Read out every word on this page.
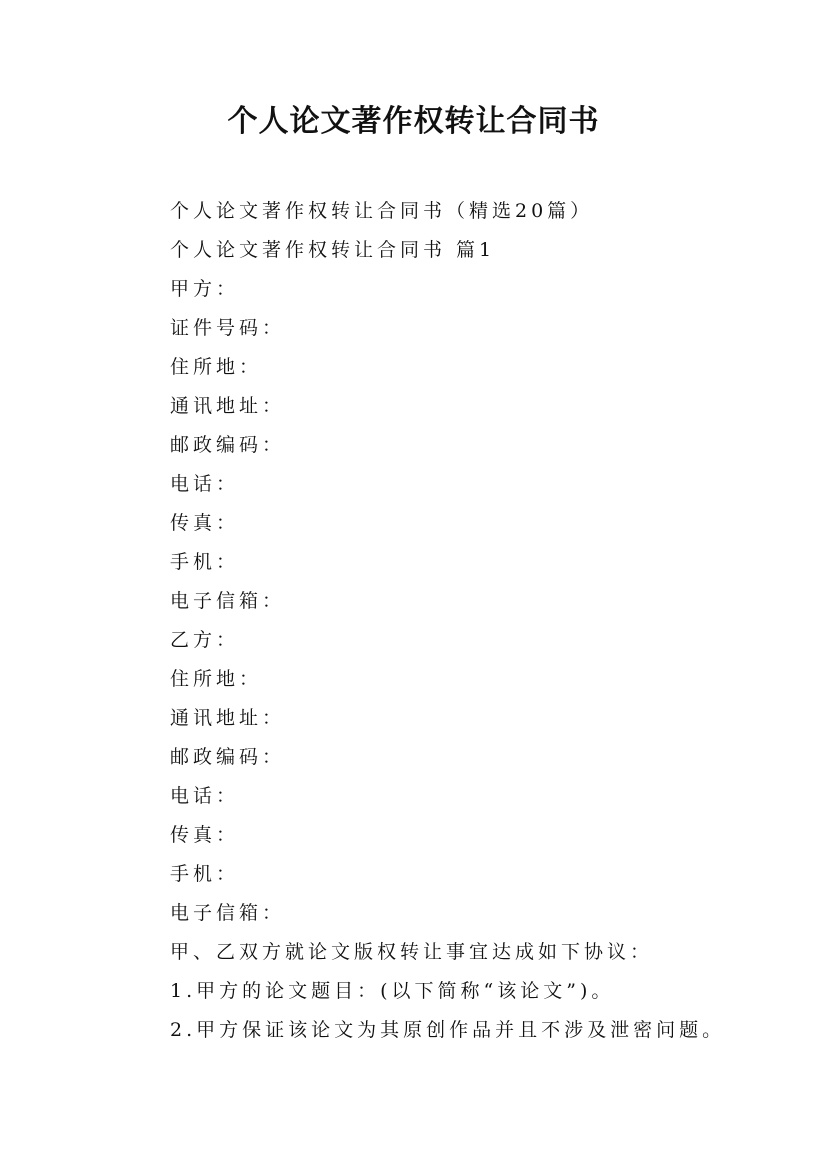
个人论文著作权转让合同书
个人论文著作权转让合同书（精选20篇）
个人论文著作权转让合同书 篇1
甲方：
证件号码：
住所地：
通讯地址：
邮政编码：
电话：
传真：
手机：
电子信箱：
乙方：
住所地：
通讯地址：
邮政编码：
电话：
传真：
手机：
电子信箱：
甲、乙双方就论文版权转让事宜达成如下协议：
1.甲方的论文题目：(以下简称“该论文”)。
2.甲方保证该论文为其原创作品并且不涉及泄密问题。
